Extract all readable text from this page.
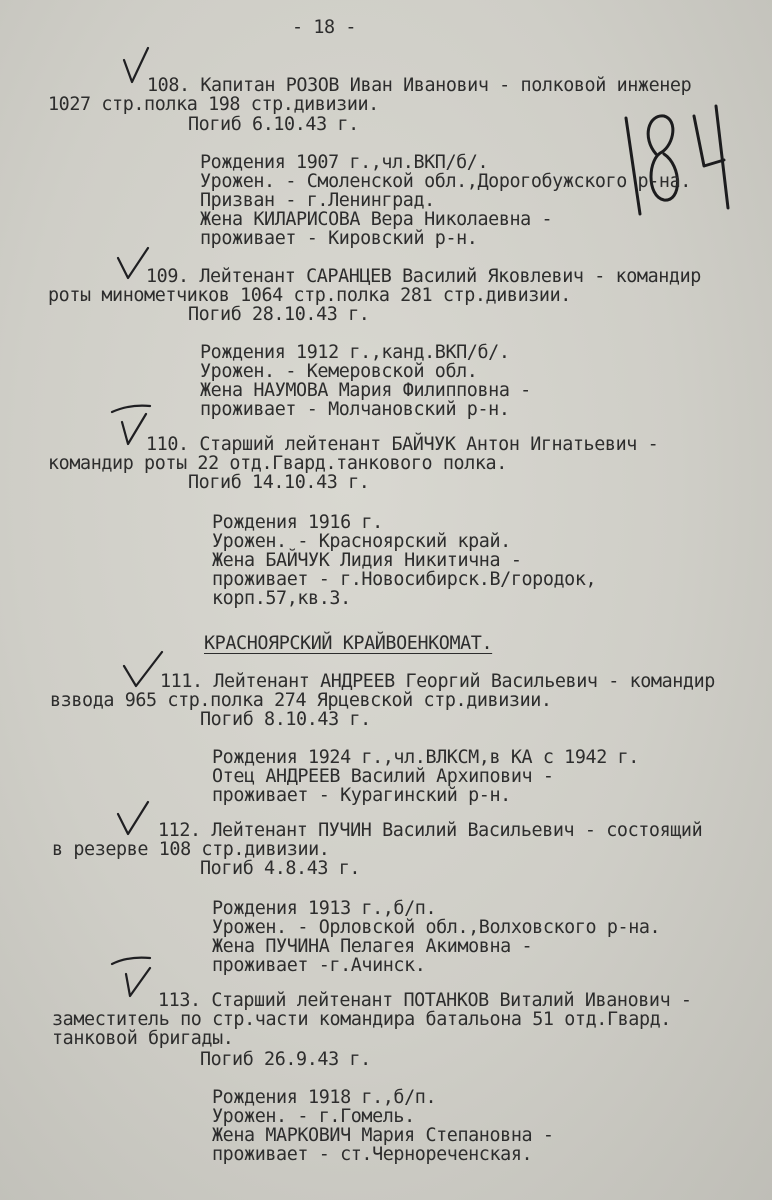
- 18 -
108. Капитан РОЗОВ Иван Иванович - полковой инженер
1027 стр.полка 198 стр.дивизии.
Погиб 6.10.43 г.
Рождения 1907 г.,чл.ВКП/б/.
Урожен. - Смоленской обл.,Дорогобужского р-на.
Призван - г.Ленинград.
Жена КИЛАРИСОВА Вера Николаевна -
проживает - Кировский р-н.
109. Лейтенант САРАНЦЕВ Василий Яковлевич - командир
роты минометчиков 1064 стр.полка 281 стр.дивизии.
Погиб 28.10.43 г.
Рождения 1912 г.,канд.ВКП/б/.
Урожен. - Кемеровской обл.
Жена НАУМОВА Мария Филипповна -
проживает - Молчановский р-н.
110. Старший лейтенант БАЙЧУК Антон Игнатьевич -
командир роты 22 отд.Гвард.танкового полка.
Погиб 14.10.43 г.
Рождения 1916 г.
Урожен. - Красноярский край.
Жена БАЙЧУК Лидия Никитична -
проживает - г.Новосибирск.В/городок,
корп.57,кв.3.
КРАСНОЯРСКИЙ КРАЙВОЕНКОМАТ.
111. Лейтенант АНДРЕЕВ Георгий Васильевич - командир
взвода 965 стр.полка 274 Ярцевской стр.дивизии.
Погиб 8.10.43 г.
Рождения 1924 г.,чл.ВЛКСМ,в КА с 1942 г.
Отец АНДРЕЕВ Василий Архипович -
проживает - Курагинский р-н.
112. Лейтенант ПУЧИН Василий Васильевич - состоящий
в резерве 108 стр.дивизии.
Погиб 4.8.43 г.
Рождения 1913 г.,б/п.
Урожен. - Орловской обл.,Волховского р-на.
Жена ПУЧИНА Пелагея Акимовна -
проживает -г.Ачинск.
113. Старший лейтенант ПОТАНКОВ Виталий Иванович -
заместитель по стр.части командира батальона 51 отд.Гвард.
танковой бригады.
Погиб 26.9.43 г.
Рождения 1918 г.,б/п.
Урожен. - г.Гомель.
Жена МАРКОВИЧ Мария Степановна -
проживает - ст.Черноречeнская.
